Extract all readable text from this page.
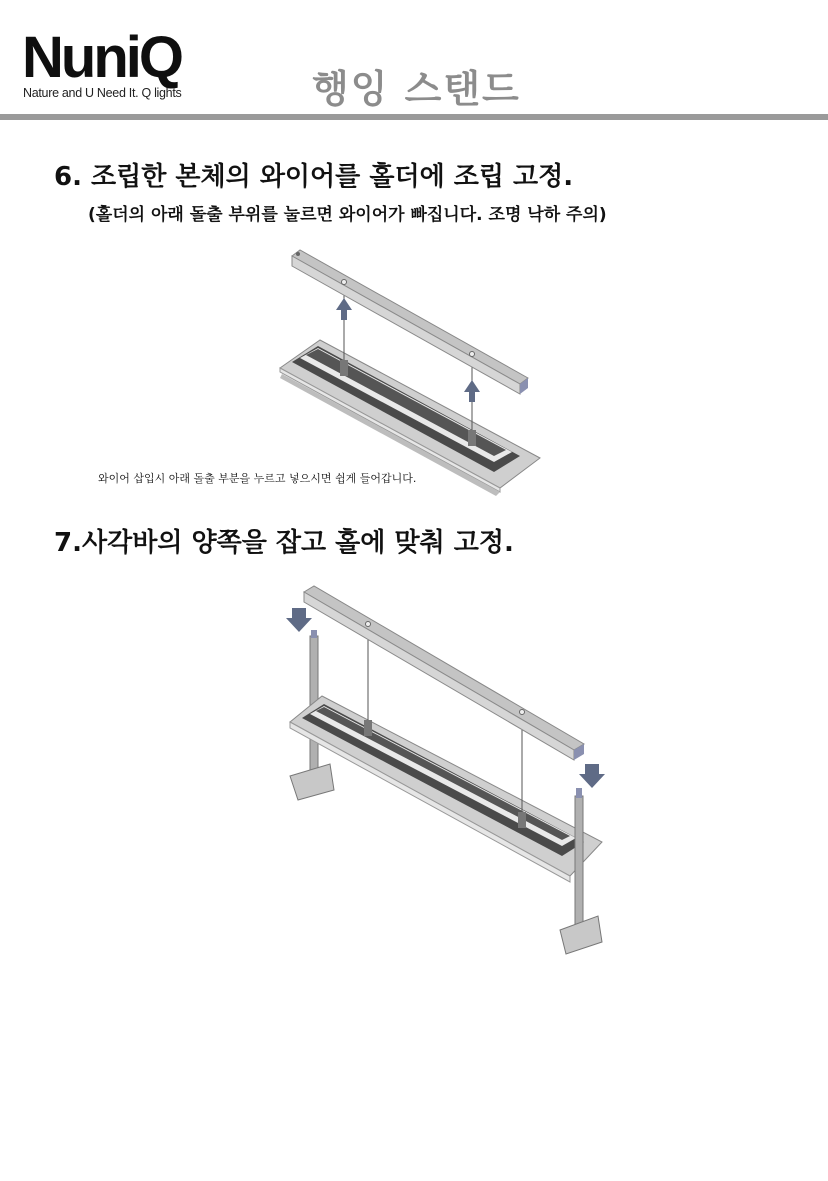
NuniQ
Nature and U Need It. Q lights	행잉 스탠드
6. 조립한 본체의 와이어를 홀더에 조립 고정.
(홀더의 아래 돌출 부위를 눌르면 와이어가 빠집니다. 조명 낙하 주의)
와이어 삽입시 아래 돌출 부분을 누르고 넣으시면 쉽게 들어갑니다.
7.사각바의 양쪽을 잡고 홀에 맞춰 고정.
